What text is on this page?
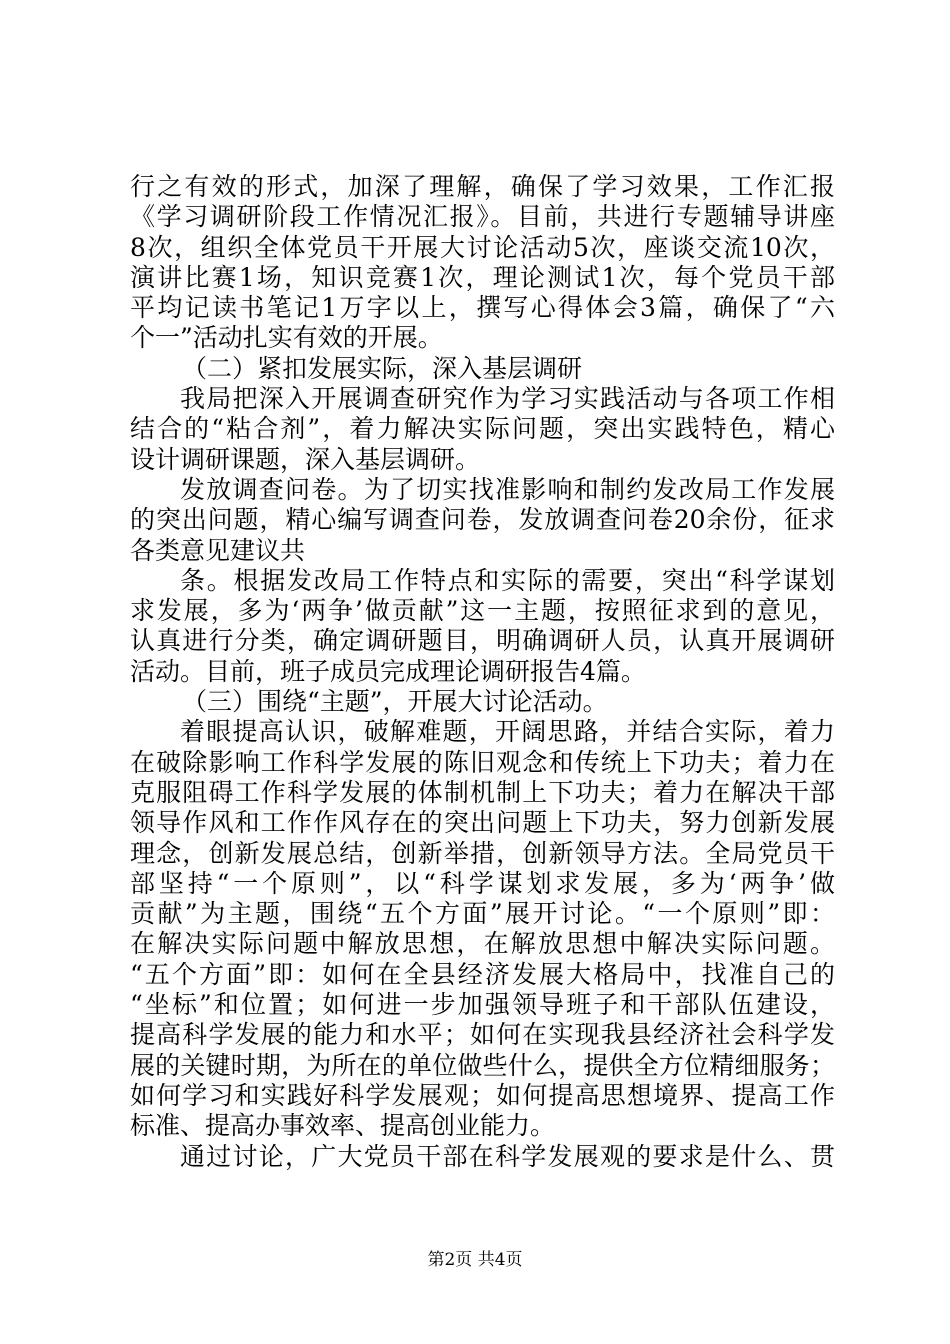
行之有效的形式，加深了理解，确保了学习效果，工作汇报
《学习调研阶段工作情况汇报》。目前，共进行专题辅导讲座
8次，组织全体党员干开展大讨论活动5次，座谈交流10次，
演讲比赛1场，知识竞赛1次，理论测试1次，每个党员干部
平均记读书笔记1万字以上，撰写心得体会3篇，确保了“六
个一”活动扎实有效的开展。
（二）紧扣发展实际，深入基层调研
我局把深入开展调查研究作为学习实践活动与各项工作相
结合的“粘合剂”，着力解决实际问题，突出实践特色，精心
设计调研课题，深入基层调研。
发放调查问卷。为了切实找准影响和制约发改局工作发展
的突出问题，精心编写调查问卷，发放调查问卷20余份，征求
各类意见建议共
条。根据发改局工作特点和实际的需要，突出“科学谋划
求发展，多为‘两争’做贡献”这一主题，按照征求到的意见，
认真进行分类，确定调研题目，明确调研人员，认真开展调研
活动。目前，班子成员完成理论调研报告4篇。
（三）围绕“主题”，开展大讨论活动。
着眼提高认识，破解难题，开阔思路，并结合实际，着力
在破除影响工作科学发展的陈旧观念和传统上下功夫；着力在
克服阻碍工作科学发展的体制机制上下功夫；着力在解决干部
领导作风和工作作风存在的突出问题上下功夫，努力创新发展
理念，创新发展总结，创新举措，创新领导方法。全局党员干
部坚持“一个原则”，以“科学谋划求发展，多为‘两争’做
贡献”为主题，围绕“五个方面”展开讨论。“一个原则”即：
在解决实际问题中解放思想，在解放思想中解决实际问题。
“五个方面”即：如何在全县经济发展大格局中，找准自己的
“坐标”和位置；如何进一步加强领导班子和干部队伍建设，
提高科学发展的能力和水平；如何在实现我县经济社会科学发
展的关键时期，为所在的单位做些什么，提供全方位精细服务；
如何学习和实践好科学发展观；如何提高思想境界、提高工作
标准、提高办事效率、提高创业能力。
通过讨论，广大党员干部在科学发展观的要求是什么、贯
第2页 共4页
